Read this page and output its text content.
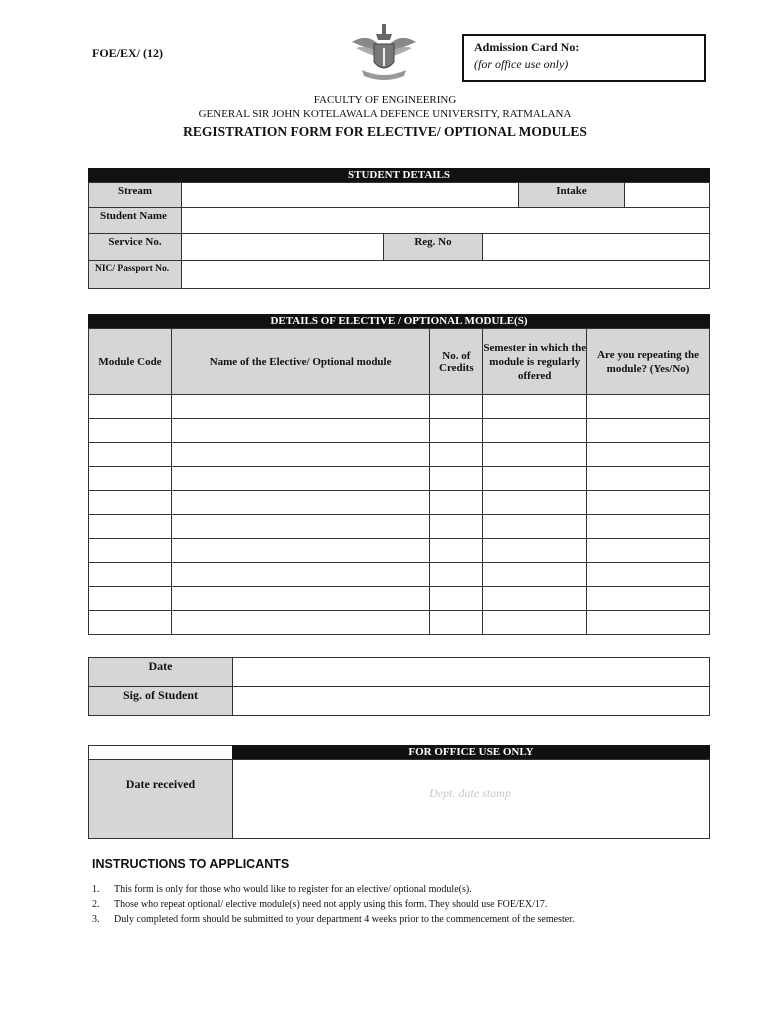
FOE/EX/ (12)	Admission Card No:
(for office use only)
FACULTY OF ENGINEERING
GENERAL SIR JOHN KOTELAWALA DEFENCE UNIVERSITY, RATMALANA
REGISTRATION FORM FOR ELECTIVE/ OPTIONAL MODULES
STUDENT DETAILS
Stream	Intake
Student Name
Service No.	Reg. No
NIC/ Passport No.
DETAILS OF ELECTIVE / OPTIONAL MODULE(S)
Module Code	Name of the Elective/ Optional module	No. of Credits	Semester in which the module is regularly offered	Are you repeating the module? (Yes/No)

Date
Sig. of Student
FOR OFFICE USE ONLY
Date received
Dept. date stamp
INSTRUCTIONS TO APPLICANTS
1.	This form is only for those who would like to register for an elective/ optional module(s).
2.	Those who repeat optional/ elective module(s) need not apply using this form. They should use FOE/EX/17.
3.	Duly completed form should be submitted to your department 4 weeks prior to the commencement of the semester.
